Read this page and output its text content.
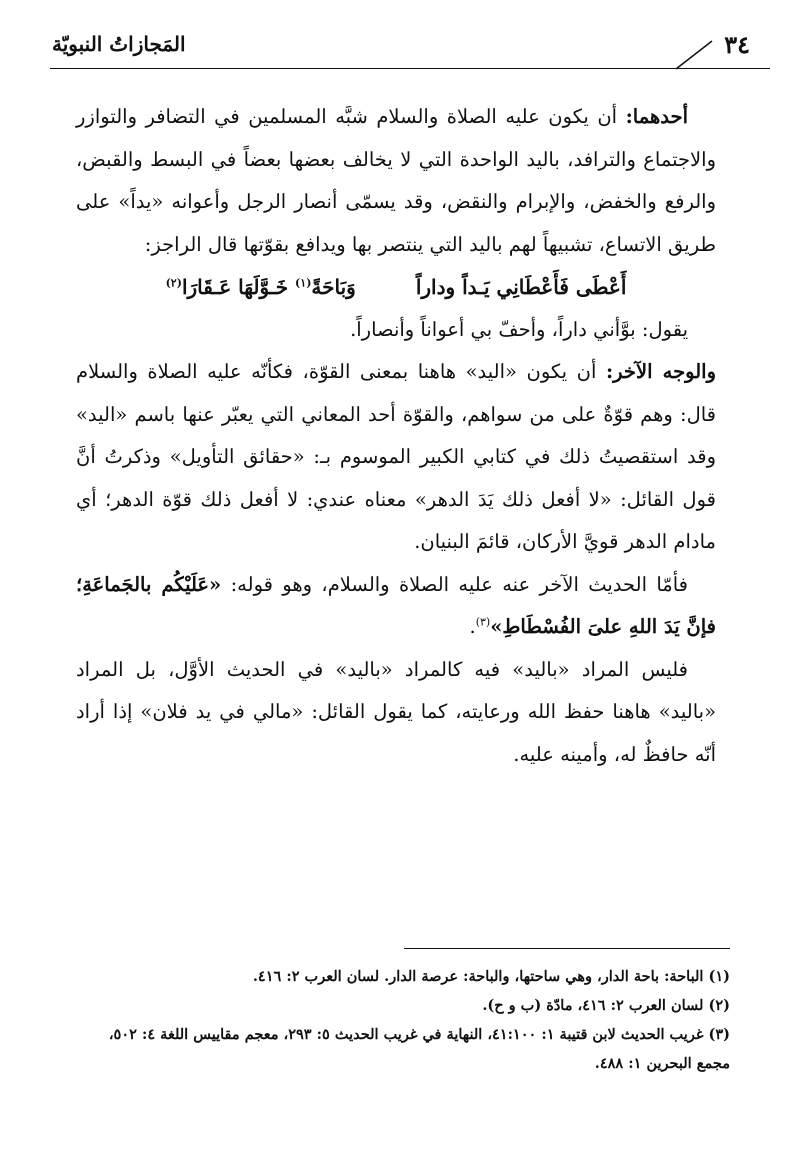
المَجازاتُ النبويّة	٣٤

أحدهما: أن يكون عليه الصلاة والسلام شبَّه المسلمين في التضافر والتوازر والاجتماع والترافد، باليد الواحدة التي لا يخالف بعضها بعضاً في البسط والقبض، والرفع والخفض، والإبرام والنقض، وقد يسمّى أنصار الرجل وأعوانه «يداً» على طريق الاتساع، تشبيهاً لهم باليد التي ينتصر بها ويدافع بقوّتها قال الراجز:

أَعْطَى فَأَعْطَانِي يَـداً وداراً
وَبَاحَةً$^{(١)}$ خَـوَّلَهَا عَـقَارَا$^{(٢)}$

يقول: بوَّأني داراً، وأحفّ بي أعواناً وأنصاراً.

والوجه الآخر: أن يكون «اليد» هاهنا بمعنى القوّة، فكأنّه عليه الصلاة والسلام قال: وهم قوّةٌ على من سواهم، والقوّة أحد المعاني التي يعبّر عنها باسم «اليد» وقد استقصيتُ ذلك في كتابي الكبير الموسوم بـ: «حقائق التأويل» وذكرتُ أنَّ قول القائل: «لا أفعل ذلك يَدَ الدهر» معناه عندي: لا أفعل ذلك قوّة الدهر؛ أي مادام الدهر قويَّ الأركان، قائمَ البنيان.

فأمّا الحديث الآخر عنه عليه الصلاة والسلام، وهو قوله: «عَلَيْكُم بالجَماعَةِ؛ فإنَّ يَدَ اللهِ علىَ الفُسْطَاطِ»$^{(٣)}$.

فليس المراد «باليد» فيه كالمراد «باليد» في الحديث الأوَّل، بل المراد «باليد» هاهنا حفظ الله ورعايته، كما يقول القائل: «مالي في يد فلان» إذا أراد أنّه حافظٌ له، وأمينه عليه.

(١) الباحة: باحة الدار، وهي ساحتها، والباحة: عرصة الدار. لسان العرب ٢: ٤١٦.

(٢) لسان العرب ٢: ٤١٦، مادّة (ب و ح).

(٣) غريب الحديث لابن قتيبة ١: ٤١:١٠٠، النهاية في غريب الحديث ٥: ٢٩٣، معجم مقاييس اللغة ٤: ٥٠٢، مجمع البحرين ١: ٤٨٨.
